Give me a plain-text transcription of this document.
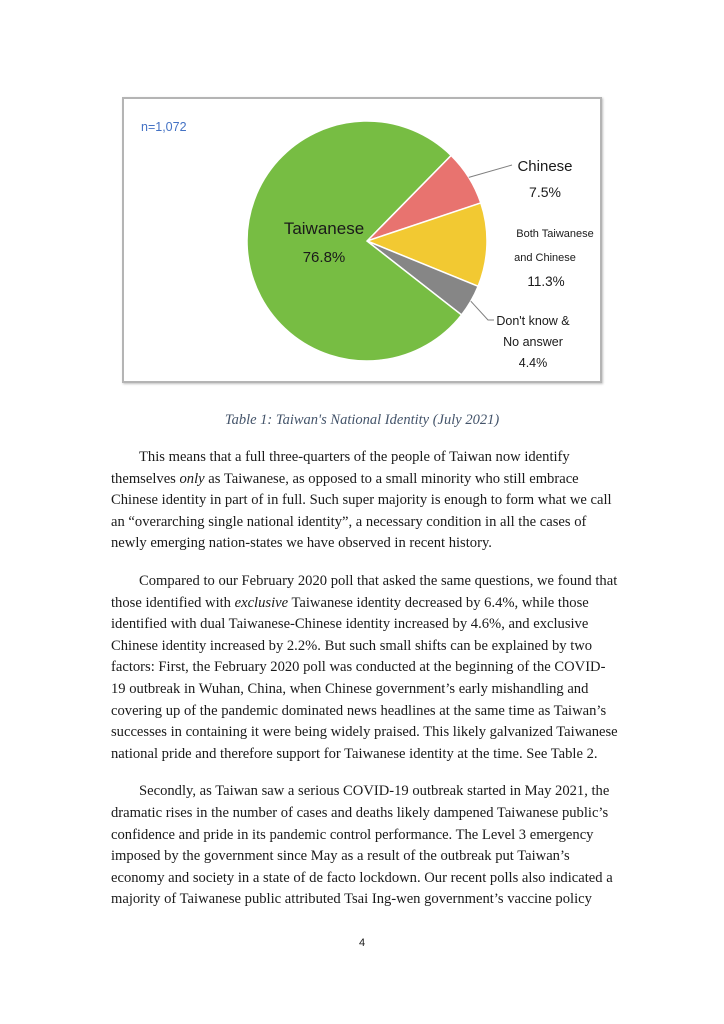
n=1,072
Taiwanese
76.8%
Chinese
7.5%
Both Taiwanese
and Chinese
11.3%
Don't know &
No answer
4.4%
Table 1: Taiwan's National Identity (July 2021)

This means that a full three-quarters of the people of Taiwan now identify themselves only as Taiwanese, as opposed to a small minority who still embrace Chinese identity in part of in full. Such super majority is enough to form what we call an “overarching single national identity”, a necessary condition in all the cases of newly emerging nation-states we have observed in recent history.

Compared to our February 2020 poll that asked the same questions, we found that those identified with exclusive Taiwanese identity decreased by 6.4%, while those identified with dual Taiwanese-Chinese identity increased by 4.6%, and exclusive Chinese identity increased by 2.2%. But such small shifts can be explained by two factors: First, the February 2020 poll was conducted at the beginning of the COVID-19 outbreak in Wuhan, China, when Chinese government’s early mishandling and covering up of the pandemic dominated news headlines at the same time as Taiwan’s successes in containing it were being widely praised. This likely galvanized Taiwanese national pride and therefore support for Taiwanese identity at the time. See Table 2.

Secondly, as Taiwan saw a serious COVID-19 outbreak started in May 2021, the dramatic rises in the number of cases and deaths likely dampened Taiwanese public’s confidence and pride in its pandemic control performance. The Level 3 emergency imposed by the government since May as a result of the outbreak put Taiwan’s economy and society in a state of de facto lockdown. Our recent polls also indicated a majority of Taiwanese public attributed Tsai Ing-wen government’s vaccine policy

4
